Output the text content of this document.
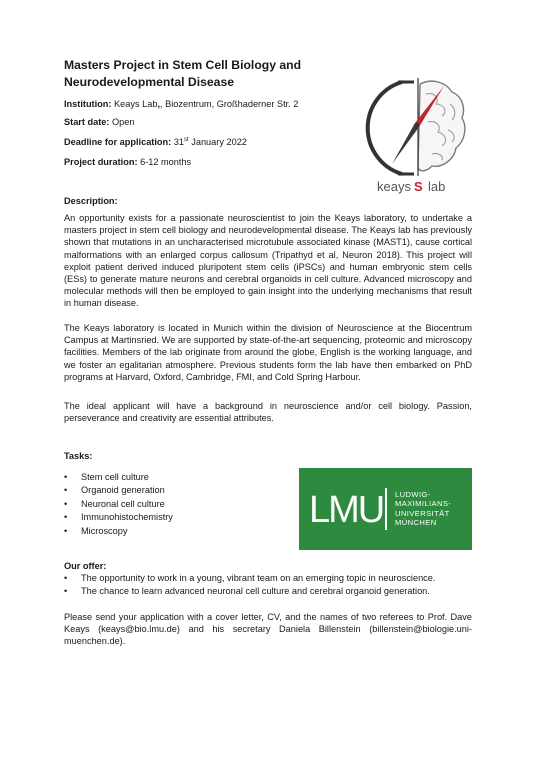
Masters Project in Stem Cell Biology and Neurodevelopmental Disease
Institution: Keays Lab,, Biozentrum, Großhaderner Str. 2
Start date: Open
Deadline for application: 31st January 2022
Project duration: 6-12 months
keays S lab
Description:
An opportunity exists for a passionate neuroscientist to join the Keays laboratory, to undertake a masters project in stem cell biology and neurodevelopmental disease. The Keays lab has previously shown that mutations in an uncharacterised microtubule associated kinase (MAST1), cause cortical malformations with an enlarged corpus callosum (Tripathyd et al, Neuron 2018). This project will exploit patient derived induced pluripotent stem cells (iPSCs) and human embryonic stem cells (ESs) to generate mature neurons and cerebral organoids in cell culture. Advanced microscopy and molecular methods will then be employed to gain insight into the underlying mechanisms that result in human disease.
The Keays laboratory is located in Munich within the division of Neuroscience at the Biocentrum Campus at Martinsried. We are supported by state-of-the-art sequencing, proteomic and microscopy facilities. Members of the lab originate from around the globe, English is the working language, and we foster an egalitarian atmosphere. Previous students form the lab have then embarked on PhD programs at Harvard, Oxford, Cambridge, FMI, and Cold Spring Harbour.
The ideal applicant will have a background in neuroscience and/or cell biology. Passion, perseverance and creativity are essential attributes.
Tasks:
• Stem cell culture
• Organoid generation
• Neuronal cell culture
• Immunohistochemistry
• Microscopy	LMU LUDWIG-
MAXIMILIANS-
UNIVERSITÄT
MÜNCHEN
Our offer:
• The opportunity to work in a young, vibrant team on an emerging topic in neuroscience.
• The chance to learn advanced neuronal cell culture and cerebral organoid generation.
Please send your application with a cover letter, CV, and the names of two referees to Prof. Dave Keays (keays@bio.lmu.de) and his secretary Daniela Billenstein (billenstein@biologie.uni-muenchen.de).
